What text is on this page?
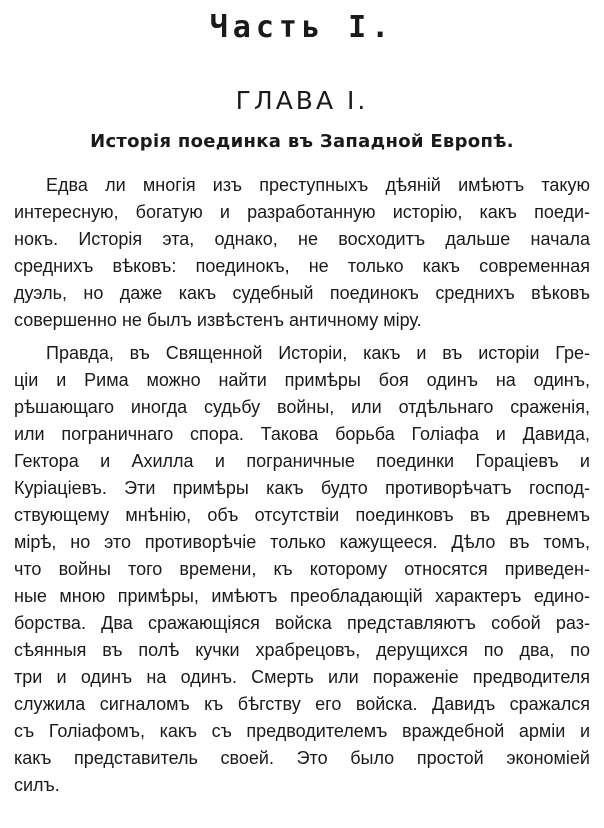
Часть I.
ГЛАВА I.
Исторія поединка въ Западной Европѣ.
Едва ли многія изъ преступныхъ дѣяній имѣютъ такую
интересную, богатую и разработанную исторію, какъ поеди-
нокъ. Исторія эта, однако, не восходитъ дальше начала
среднихъ вѣковъ: поединокъ, не только какъ современная
дуэль, но даже какъ судебный поединокъ среднихъ вѣковъ
совершенно не былъ извѣстенъ античному міру.
Правда, въ Священной Исторіи, какъ и въ исторіи Гре-
ціи и Рима можно найти примѣры боя одинъ на одинъ,
рѣшающаго иногда судьбу войны, или отдѣльнаго сраженія,
или пограничнаго спора. Такова борьба Голіафа и Давида,
Гектора и Ахилла и пограничные поединки Гораціевъ и
Куріаціевъ. Эти примѣры какъ будто противорѣчатъ господ-
ствующему мнѣнію, объ отсутствіи поединковъ въ древнемъ
мірѣ, но это противорѣчіе только кажущееся. Дѣло въ томъ,
что войны того времени, къ которому относятся приведен-
ные мною примѣры, имѣютъ преобладающій характеръ едино-
борства. Два сражающіяся войска представляютъ собой раз-
сѣянныя въ полѣ кучки храбрецовъ, дерущихся по два, по
три и одинъ на одинъ. Смерть или пораженіе предводителя
служила сигналомъ къ бѣгству его войска. Давидъ сражался
съ Голіафомъ, какъ съ предводителемъ враждебной арміи и
какъ представитель своей. Это было простой экономіей
силъ.
